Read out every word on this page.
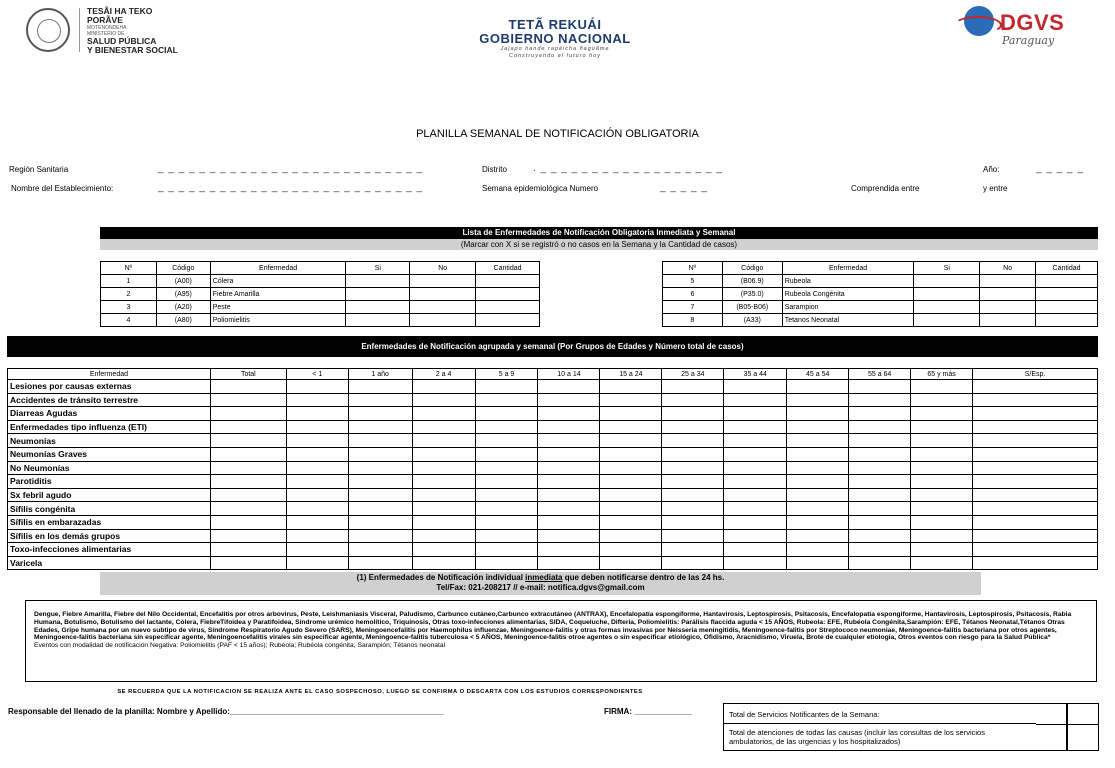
TESÃI HA TEKO
PORÃVE
MOTENONDEHA
MINISTERIO DE
SALUD PÚBLICA
Y BIENESTAR SOCIAL
TETÃ REKUÁI
GOBIERNO NACIONAL
Jajapo hande rapéicha ñaguãme
Construyendo el futuro hoy
DGVS
Paraguay
PLANILLA SEMANAL DE NOTIFICACIÓN OBLIGATORIA
Región Sanitaria	_ _ _ _ _ _ _ _ _ _ _ _ _ _ _ _ _ _ _ _ _ _ _ _ _ _	Distrito	. _ _ _ _ _ _ _ _ _ _ _ _ _ _ _ _ _ _	Año:	_ _ _ _ _
Nombre del Establecimiento:	_ _ _ _ _ _ _ _ _ _ _ _ _ _ _ _ _ _ _ _ _ _ _ _ _ _	Semana epidemiológica Numero	_ _ _ _ _	Comprendida entre	y entre
Lista de Enfermedades de Notificación Obligatoria Inmediata y Semanal
(Marcar con X si se registró o no casos en la Semana y la Cantidad de casos)
Nº	Código	Enfermedad	Si	No	Cantidad
1	(A00)	Cólera			
2	(A95)	Fiebre Amarilla			
3	(A20)	Peste			
4	(A80)	Poliomielitis			
Nº	Código	Enfermedad	Si	No	Cantidad
5	(B06.9)	Rubeola			
6	(P35.0)	Rubeola Congénita			
7	(B05-B06)	Sarampion			
8	(A33)	Tetanos Neonatal			
Enfermedades de Notificación agrupada y semanal (Por Grupos de Edades y Número total de casos)
Enfermedad	Total	< 1	1 año	2 a 4	5 a 9	10 a 14	15 a 24	25 a 34	35 a 44	45 a 54	55 a 64	65 y más	S/Esp.
Lesiones por causas externas													
Accidentes de tránsito terrestre													
Diarreas Agudas													
Enfermedades tipo influenza (ETI)													
Neumonías													
Neumonías Graves													
No Neumonías													
Parotiditis													
Sx febril agudo													
Sífilis congénita													
Sífilis en embarazadas													
Sífilis en los demás grupos													
Toxo-infecciones alimentarias													
Varicela													
(1) Enfermedades de Notificación individual inmediata que deben notificarse dentro de las 24 hs.
Tel/Fax: 021-208217 // e-mail: notifica.dgvs@gmail.com
Dengue, Fiebre Amarilla, Fiebre del Nilo Occidental, Encefalitis por otros arbovirus, Peste, Leishmaniasis Visceral, Paludismo, Carbunco cutáneo,Carbunco extracutáneo (ANTRAX), Encefalopatía espongiforme, Hantavirosis, Leptospirosis, Psitacosis, Encefalopatía espongiforme, Hantavirosis, Leptospirosis, Psitacosis, Rabia Humana, Botulismo, Botulismo del lactante, Cólera, FiebreTifoidea y Paratifoidea, Síndrome urémico hemolítico, Triquinosis, Otras toxo-infecciones alimentarias, SIDA, Coqueluche, Difteria, Poliomielitis: Parálisis flaccida aguda < 15 AÑOS, Rubeola: EFE, Rubéola Congénita,Sarampión: EFE, Tétanos Neonatal,Tétanos Otras Edades, Gripe humana por un nuevo subtipo de virus, Síndrome Respiratorio Agudo Severo (SARS), Meningoencefalitis por Haemophilus influenzae, Meningoence-falitis y otras formas invasivas por Neisseria meningitidis, Meningoence-falitis por Streptococo neumoniae, Meningoence-falitis bacteriana por otros agentes, Meningoence-falitis bacteriana sin especificar agente, Meningoencefalitis virales sin especificar agente, Meningoence-falitis tuberculosa < 5 AÑOS, Meningoence-falitis otroe agentes o sin especificar etiológico, Ofidismo, Aracnidismo, Viruela, Brote de cualquier etiología, Otros eventos con riesgo para la Salud Pública*
Eventos con modalidad de notificación Negativa: Poliomielitis (PAF < 15 años); Rubéola; Rubéola congénita; Sarampión; Tétanos neonatal
SE RECUERDA QUE LA NOTIFICACION SE REALIZA ANTE EL CASO SOSPECHOSO, LUEGO SE CONFIRMA O DESCARTA CON LOS ESTUDIOS CORRESPONDIENTES
Responsable del llenado de la planilla: Nombre y Apellido:________________________________________________	FIRMA: _____________	Total de Servicios Notificantes de la Semana:
Total de atenciones de todas las causas (incluir las consultas de los servicios ambulatorios, de las urgencias y los hospitalizados)
